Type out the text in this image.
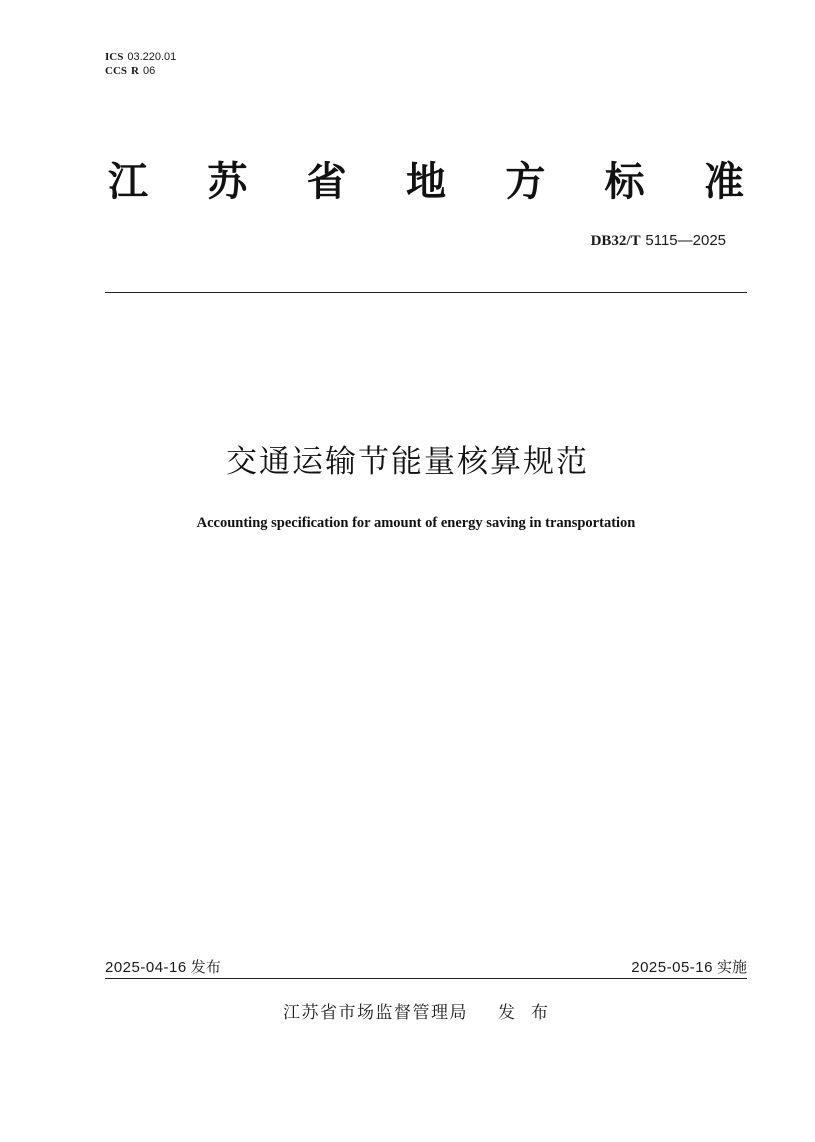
ICS 03.220.01
CCS R 06
江 苏 省 地 方 标 准
DB32/T 5115—2025
交通运输节能量核算规范
Accounting specification for amount of energy saving in transportation
2025-04-16 发布	2025-05-16 实施
江苏省市场监督管理局 发布
